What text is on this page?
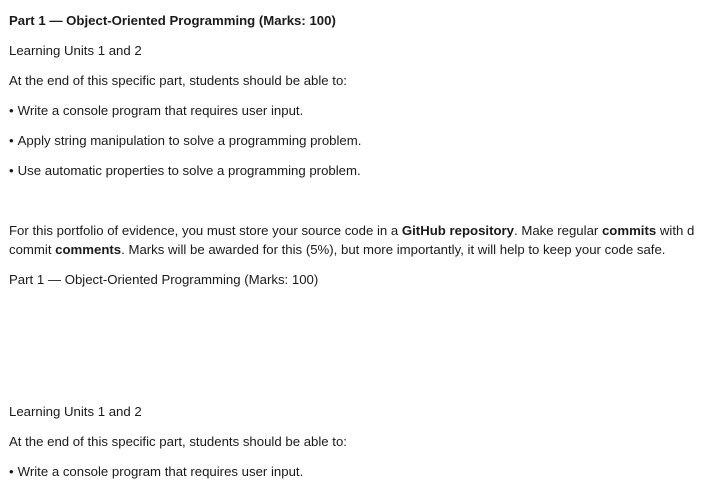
Part 1 — Object-Oriented Programming (Marks: 100)
Learning Units 1 and 2
At the end of this specific part, students should be able to:
• Write a console program that requires user input.
• Apply string manipulation to solve a programming problem.
• Use automatic properties to solve a programming problem.
For this portfolio of evidence, you must store your source code in a GitHub repository. Make regular commits with d
commit comments. Marks will be awarded for this (5%), but more importantly, it will help to keep your code safe.
Part 1 — Object-Oriented Programming (Marks: 100)
Learning Units 1 and 2
At the end of this specific part, students should be able to:
• Write a console program that requires user input.
